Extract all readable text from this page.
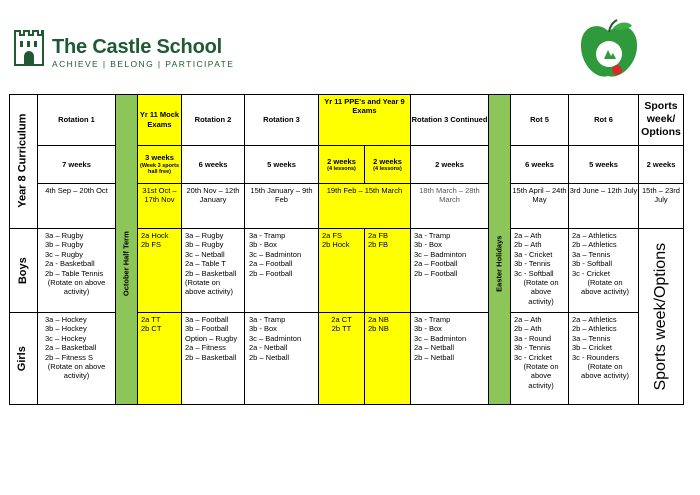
The Castle School
ACHIEVE | BELONG | PARTICIPATE
Year 8 Curriculum
Boys
Girls
Rotation 1
7 weeks
4th Sep – 20th Oct
3a – Rugby
3b – Rugby
3c – Rugby
2a - Basketball
2b – Table Tennis
(Rotate on above
activity)
3a – Hockey
3b – Hockey
3c – Hockey
2a – Basketball
2b – Fitness S
(Rotate on above
activity)
October Half Term
Yr 11 Mock Exams
3 weeks
(Week 3 sports hall free)
31st Oct – 17th Nov
2a Hock
2b FS
2a TT
2b CT
Rotation 2
6 weeks
20th Nov – 12th January
3a – Rugby
3b – Rugby
3c – Netball
2a – Table T
2b – Basketball
(Rotate on
above activity)
3a – Football
3b – Football
Option – Rugby
2a – Fitness
2b – Basketball
Rotation 3
5 weeks
15th January – 9th Feb
3a - Tramp
3b - Box
3c – Badminton
2a – Football
2b – Football
3a - Tramp
3b - Box
3c – Badminton
2a - Netball
2b – Netball
Yr 11 PPE's and Year 9 Exams
2 weeks
(4 lessons)
2 weeks
(4 lessons)
19th Feb – 15th March
2a FS
2b Hock
2a FB
2b FB
2a CT
2b TT
2a NB
2b NB
Rotation 3 Continued
2 weeks
18th March – 28th March
3a - Tramp
3b - Box
3c – Badminton
2a – Football
2b – Football
3a - Tramp
3b - Box
3c – Badminton
2a – Netball
2b – Netball
Easter Holidays
Rot 5
6 weeks
15th April – 24th May
2a – Ath
2b – Ath
3a - Cricket
3b - Tennis
3c - Softball
(Rotate on
above
activity)
2a – Ath
2b – Ath
3a - Round
3b - Tennis
3c - Cricket
(Rotate on
above
activity)
Rot 6
5 weeks
3rd June – 12th July
2a – Athletics
2b – Athletics
3a – Tennis
3b - Softball
3c - Cricket
(Rotate on
above activity)
2a – Athletics
2b – Athletics
3a – Tennis
3b – Cricket
3c - Rounders
(Rotate on
above activity)
Sports week/ Options
2 weeks
15th – 23rd July
Sports week/Options
